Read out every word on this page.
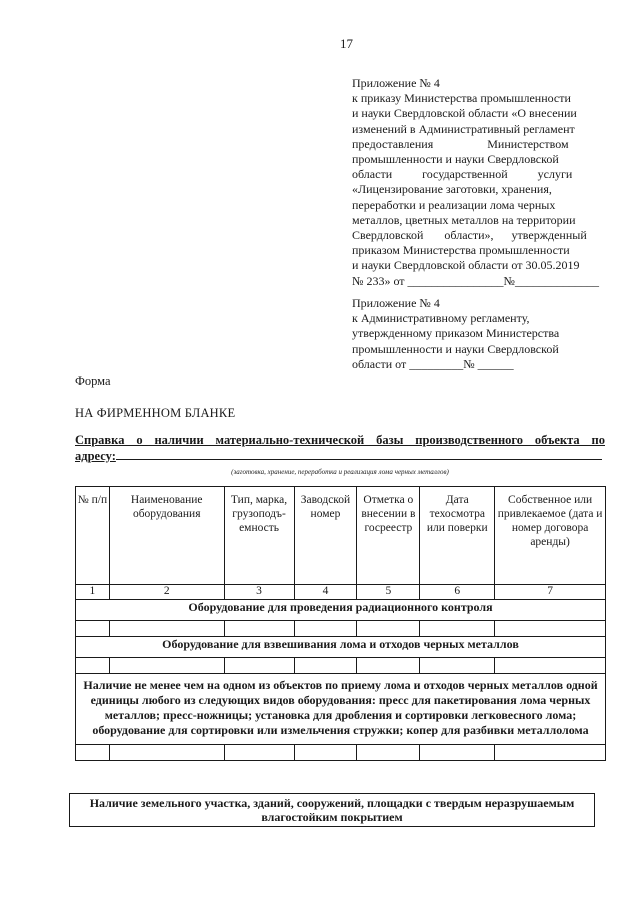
17
Приложение № 4
к приказу Министерства промышленности
и науки Свердловской области «О внесении
изменений в Административный регламент
предоставления                  Министерством
промышленности и науки Свердловской
области          государственной          услуги
«Лицензирование заготовки, хранения,
переработки и реализации лома черных
металлов, цветных металлов на территории
Свердловской       области»,      утвержденный
приказом Министерства промышленности
и науки Свердловской области от 30.05.2019
№ 233» от ________________№______________
Приложение № 4
к Административному регламенту,
утвержденному приказом Министерства
промышленности и науки Свердловской
области от _________№ ______
Форма
НА ФИРМЕННОМ БЛАНКЕ
Справка о наличии материально-технической базы производственного объекта по
адресу:
(заготовка, хранение, переработка и реализация лома черных металлов)
№ п/п	Наименование оборудования	Тип, марка, грузоподъ-емность	Заводской номер	Отметка о внесении в госреестр	Дата техосмотра или поверки	Собственное или привлекаемое (дата и номер договора аренды)
1	2	3	4	5	6	7
Оборудование для проведения радиационного контроля						

Оборудование для взвешивания лома и отходов черных металлов						

Наличие не менее чем на одном из объектов по приему лома и отходов черных металлов одной единицы любого из следующих видов оборудования: пресс для пакетирования лома черных металлов; пресс-ножницы; установка для дробления и сортировки легковесного лома; оборудование для сортировки или измельчения стружки; копер для разбивки металлолома						

Наличие земельного участка, зданий, сооружений, площадки с твердым неразрушаемым влагостойким покрытием
